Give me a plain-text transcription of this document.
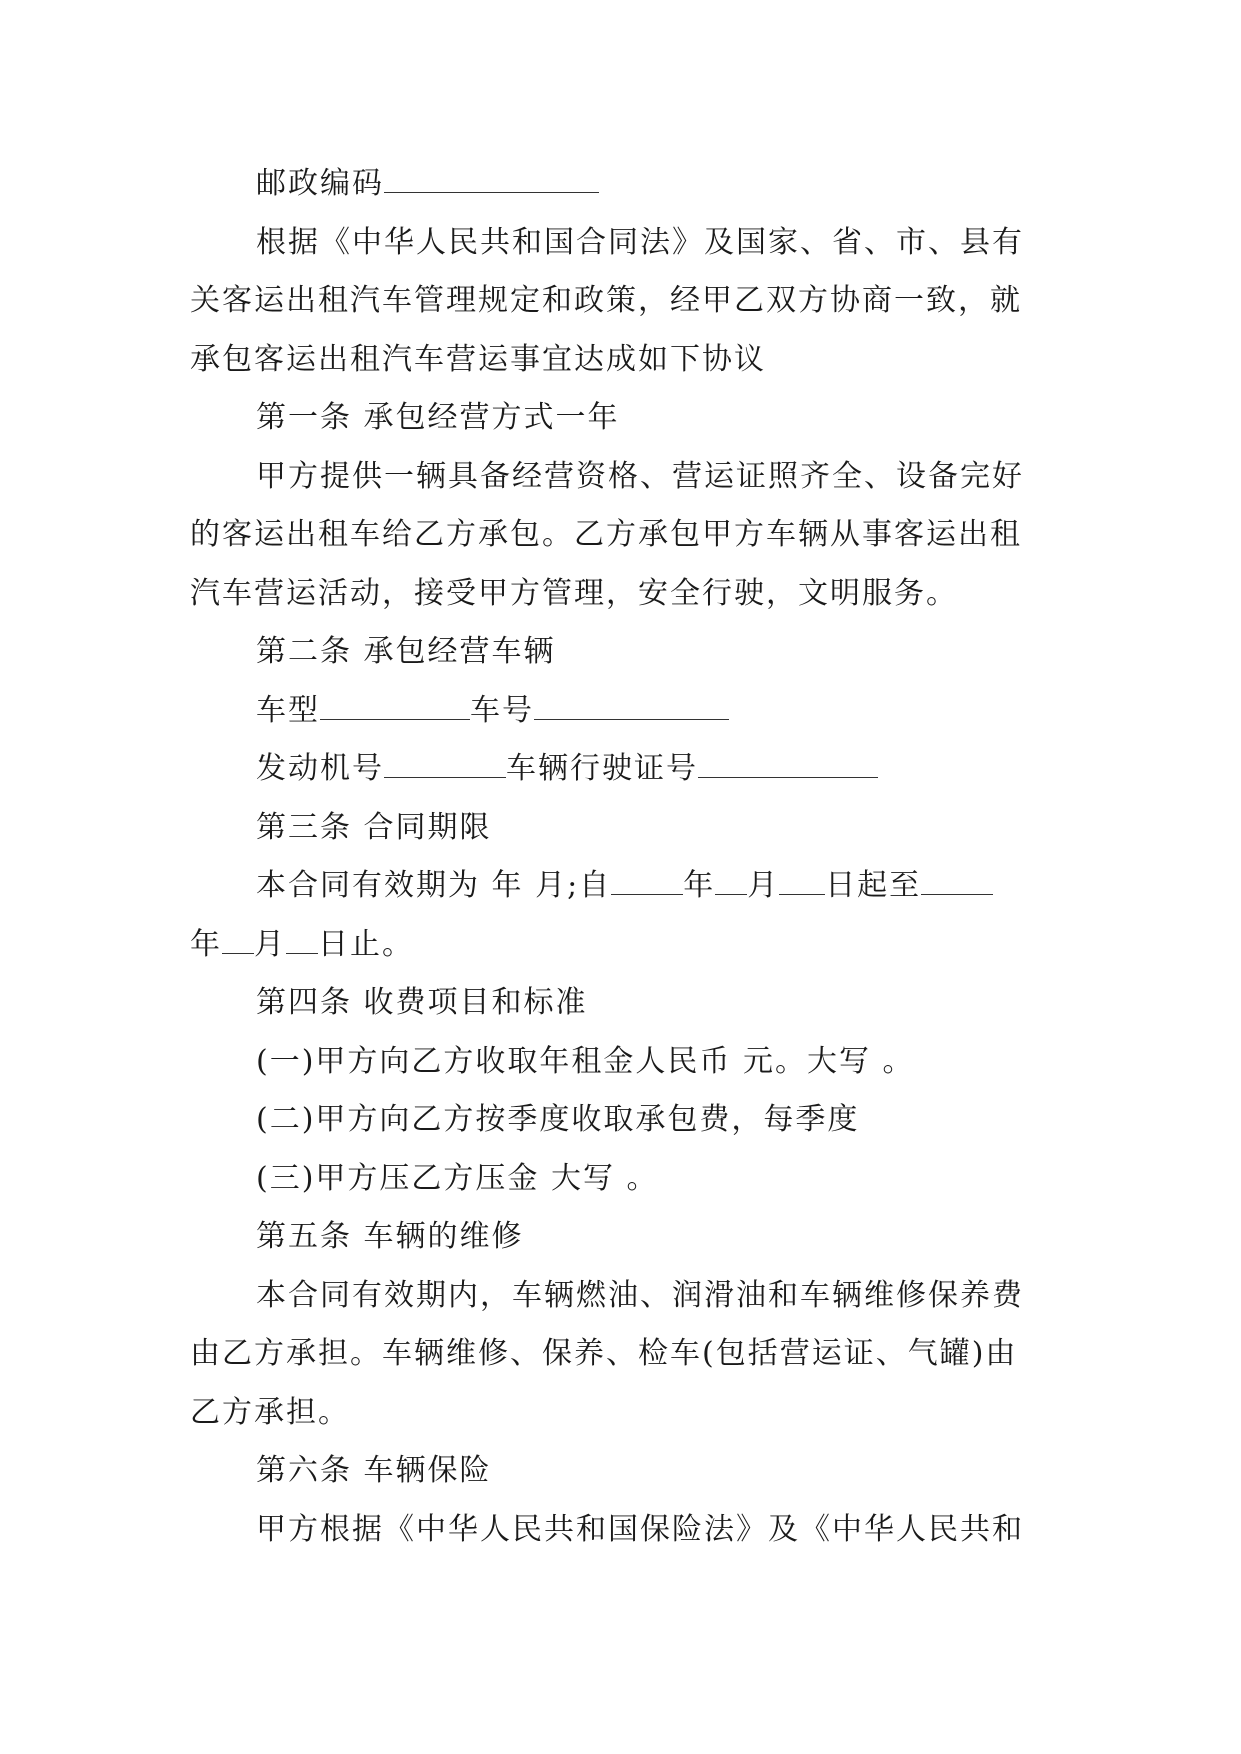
邮政编码
根据《中华人民共和国合同法》及国家、省、市、县有
关客运出租汽车管理规定和政策，经甲乙双方协商一致，就
承包客运出租汽车营运事宜达成如下协议
第一条 承包经营方式一年
甲方提供一辆具备经营资格、营运证照齐全、设备完好
的客运出租车给乙方承包。乙方承包甲方车辆从事客运出租
汽车营运活动，接受甲方管理，安全行驶，文明服务。
第二条 承包经营车辆
车型	车号
发动机号	车辆行驶证号
第三条 合同期限
本合同有效期为 年 月;自 年 月 日起至
年 月 日止。
第四条 收费项目和标准
(一)甲方向乙方收取年租金人民币 元。大写 。
(二)甲方向乙方按季度收取承包费，每季度
(三)甲方压乙方压金 大写 。
第五条 车辆的维修
本合同有效期内，车辆燃油、润滑油和车辆维修保养费
由乙方承担。车辆维修、保养、检车(包括营运证、气罐)由
乙方承担。
第六条 车辆保险
甲方根据《中华人民共和国保险法》及《中华人民共和
